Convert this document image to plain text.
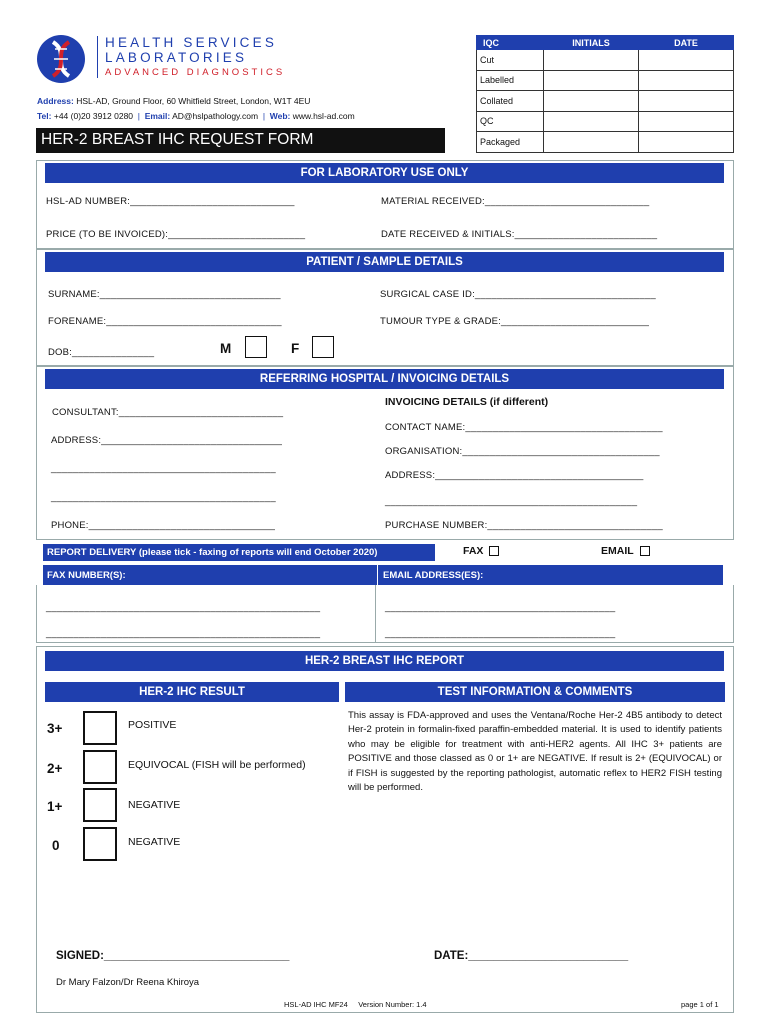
HEALTH SERVICES
LABORATORIES
ADVANCED DIAGNOSTICS
Address: HSL-AD, Ground Floor, 60 Whitfield Street, London, W1T 4EU
Tel: +44 (0)20 3912 0280  |  Email: AD@hslpathology.com  |  Web: www.hsl-ad.com
HER-2 BREAST IHC REQUEST FORM
IQC	INITIALS	DATE
Cut		
Labelled		
Collated		
QC		
Packaged		
FOR LABORATORY USE ONLY
HSL-AD NUMBER:______________________________	MATERIAL RECEIVED:______________________________
PRICE (TO BE INVOICED):_________________________	DATE RECEIVED & INITIALS:__________________________
PATIENT / SAMPLE DETAILS
SURNAME:_________________________________	SURGICAL CASE ID:_________________________________
FORENAME:________________________________	TUMOUR TYPE & GRADE:___________________________
DOB:_______________	M	F
REFERRING HOSPITAL / INVOICING DETAILS
INVOICING DETAILS (if different)
CONSULTANT:______________________________
CONTACT NAME:____________________________________
ADDRESS:_________________________________
ORGANISATION:____________________________________
_________________________________________
ADDRESS:______________________________________
_________________________________________	______________________________________________
PHONE:__________________________________	PURCHASE NUMBER:________________________________
REPORT DELIVERY (please tick - faxing of reports will end October 2020)	FAX	EMAIL
FAX NUMBER(S):	EMAIL ADDRESS(ES):
__________________________________________________
__________________________________________________
__________________________________________
__________________________________________
HER-2 BREAST IHC REPORT
HER-2 IHC RESULT	TEST INFORMATION & COMMENTS
3+	POSITIVE
2+	EQUIVOCAL (FISH will be performed)
1+	NEGATIVE
0	NEGATIVE
This assay is FDA-approved and uses the Ventana/Roche Her-2 4B5 antibody to detect Her-2 protein in formalin-fixed paraffin-embedded material. It is used to identify patients who may be eligible for treatment with anti-HER2 agents. All IHC 3+ patients are POSITIVE and those classed as 0 or 1+ are NEGATIVE. If result is 2+ (EQUIVOCAL) or if FISH is suggested by the reporting pathologist, automatic reflex to HER2 FISH testing will be performed.
SIGNED:_____________________________	DATE:_________________________
Dr Mary Falzon/Dr Reena Khiroya
HSL-AD IHC MF24 Version Number: 1.4	page 1 of 1
